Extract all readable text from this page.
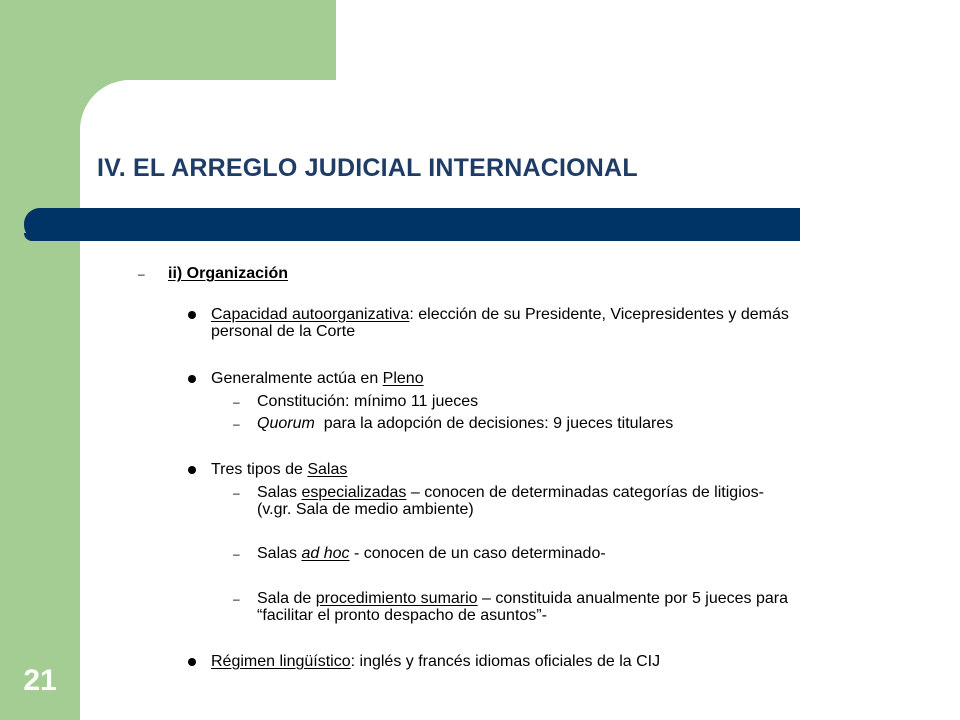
21
IV. EL ARREGLO JUDICIAL INTERNACIONAL
– ii) Organización
Capacidad autoorganizativa: elección de su Presidente, Vicepresidentes y demás
personal de la Corte
Generalmente actúa en Pleno
– Constitución: mínimo 11 jueces
– Quorum  para la adopción de decisiones: 9 jueces titulares
Tres tipos de Salas
– Salas especializadas – conocen de determinadas categorías de litigios-
(v.gr. Sala de medio ambiente)
– Salas ad hoc - conocen de un caso determinado-
– Sala de procedimiento sumario – constituida anualmente por 5 jueces para
“facilitar el pronto despacho de asuntos”-
Régimen lingüístico: inglés y francés idiomas oficiales de la CIJ
